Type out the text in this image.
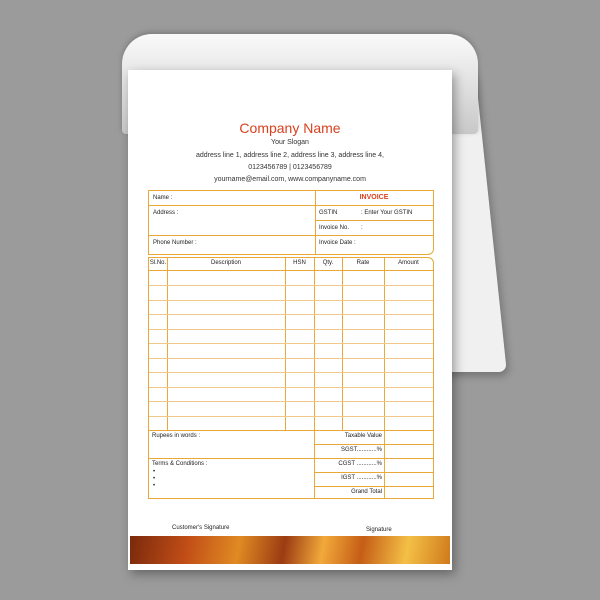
Company Name
Your Slogan
address line 1, address line 2, address line 3, address line 4,
0123456789 | 0123456789
yourname@email.com, www.companyname.com
Name :
Address :
Phone Number :
INVOICE
GSTIN	: Enter Your GSTIN
Invoice No. :
Invoice Date :
Sl.No.	Description	HSN	Qty.	Rate	Amount
Rupees in words :
Terms & Conditions :
•
•
•
Taxable Value
SGST............%
CGST ............%
IGST ............%
Grand Total
Customer's Signature	Signature
